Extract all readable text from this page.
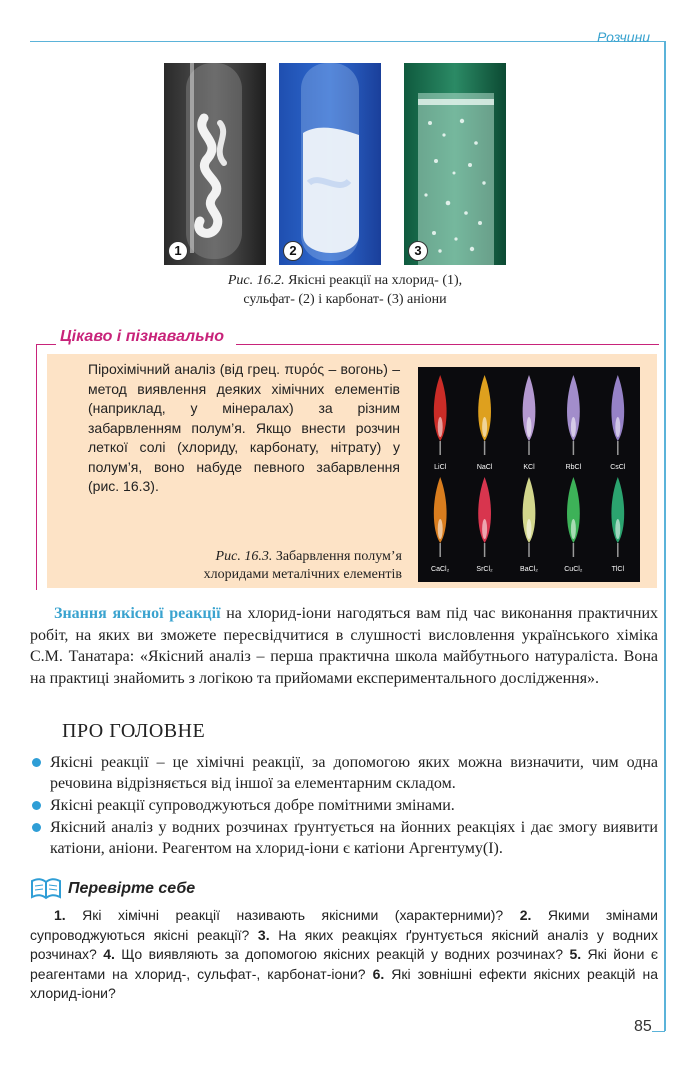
Розчини
1	2	3
Рис. 16.2. Якісні реакції на хлорид- (1),
сульфат- (2) і карбонат- (3) аніони
Цікаво і пізнавально
Пірохімічний аналіз (від грец. πυρός – вогонь) – метод виявлення деяких хімічних елементів (наприклад, у мінералах) за різним забарвленням полум’я. Якщо внести розчин леткої солі (хлориду, карбонату, нітрату) у полум’я, воно набуде певного забарвлення (рис. 16.3).
LiCl	NaCl	KCl	RbCl	CsCl
CaCl₂	SrCl₂	BaCl₂	CuCl₂	TlCl
Рис. 16.3. Забарвлення полум’я
хлоридами металічних елементів
Знання якісної реакції на хлорид-іони нагодяться вам під час виконання практичних робіт, на яких ви зможете пересвідчитися в слушності висловлення українського хіміка С.М. Танатара: «Якісний аналіз – перша практична школа майбутнього натураліста. Вона на практиці знайомить з логікою та прийомами експериментального дослідження».
ПРО ГОЛОВНЕ
Якісні реакції – це хімічні реакції, за допомогою яких можна визначити, чим одна речовина відрізняється від іншої за елементарним складом.
Якісні реакції супроводжуються добре помітними змінами.
Якісний аналіз у водних розчинах ґрунтується на йонних реакціях і дає змогу виявити катіони, аніони. Реагентом на хлорид-іони є катіони Аргентуму(I).
Перевірте себе
1. Які хімічні реакції називають якісними (характерними)? 2. Якими змінами супроводжуються якісні реакції? 3. На яких реакціях ґрунтується якісний аналіз у водних розчинах? 4. Що виявляють за допомогою якісних реакцій у водних розчинах? 5. Які йони є реагентами на хлорид-, сульфат-, карбонат-іони? 6. Які зовнішні ефекти якісних реакцій на хлорид-іони?
85
